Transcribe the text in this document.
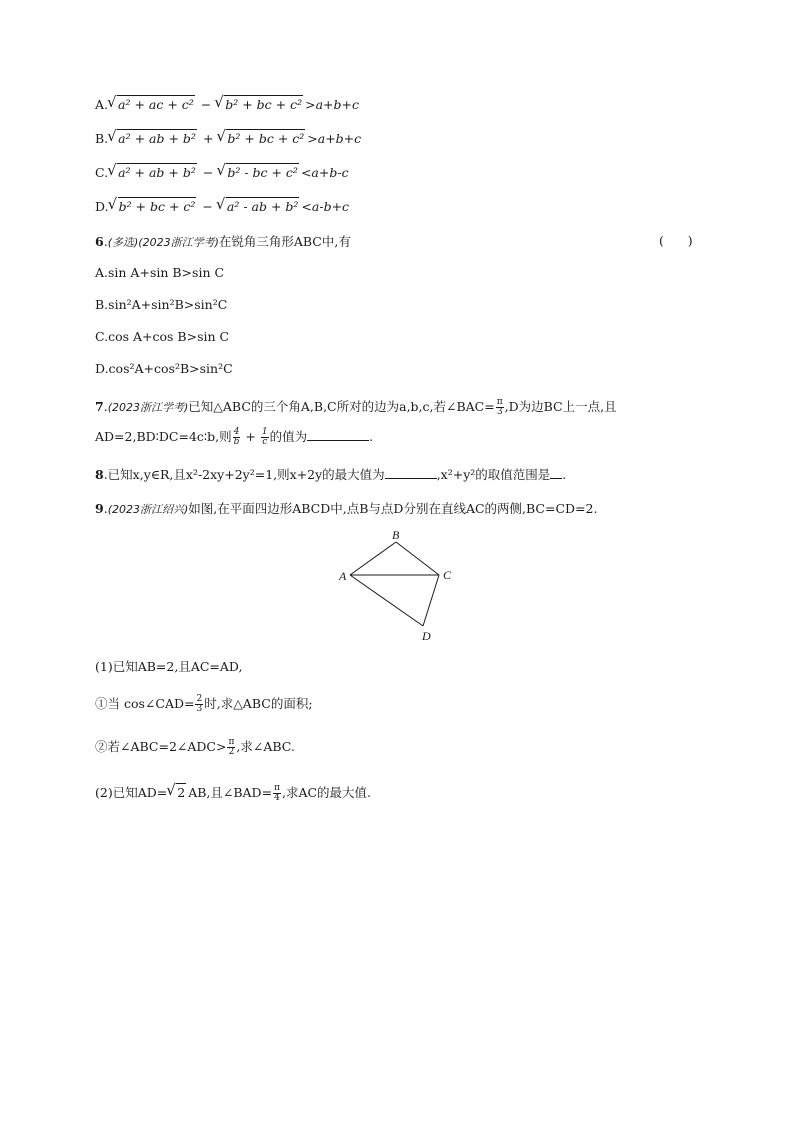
A. √ a² + ac + c² − √ b² + bc + c² >a+b+c
B. √ a² + ab + b² + √ b² + bc + c² >a+b+c
C. √ a² + ab + b² − √ b² - bc + c² <a+b-c
D. √ b² + bc + c² − √ a² - ab + b² <a-b+c
6.(多选)(2023浙江学考)在锐角三角形ABC中,有	(      )
A.sin A+sin B>sin C
B.sin²A+sin²B>sin²C
C.cos A+cos B>sin C
D.cos²A+cos²B>sin²C
7.(2023浙江学考)已知△ABC的三个角A,B,C所对的边为a,b,c,若∠BAC= $\frac{\pi}{3} ,D$为边BC上一点,且
AD=2,BD∶DC=4c∶b,则 $\frac{4}{b} + \frac{1}{c}$ 的值为	.
8.已知x,y∈R,且x²-2xy+2y²=1,则x+2y的最大值为	,x²+y²的取值范围是 .
9.(2023浙江绍兴)如图,在平面四边形ABCD中,点B与点D分别在直线AC的两侧,BC=CD=2.
A
B
C
D
(1)已知AB=2,且AC=AD,
①当 cos∠CAD= $\frac{2}{3}$ 时,求△ABC的面积;
②若∠ABC=2∠ADC> $\frac{\pi}{2}$ ,求∠ABC.
(2)已知AD= √ 2 AB,且∠BAD= $\frac{\pi}{4}$ ,求AC的最大值.
